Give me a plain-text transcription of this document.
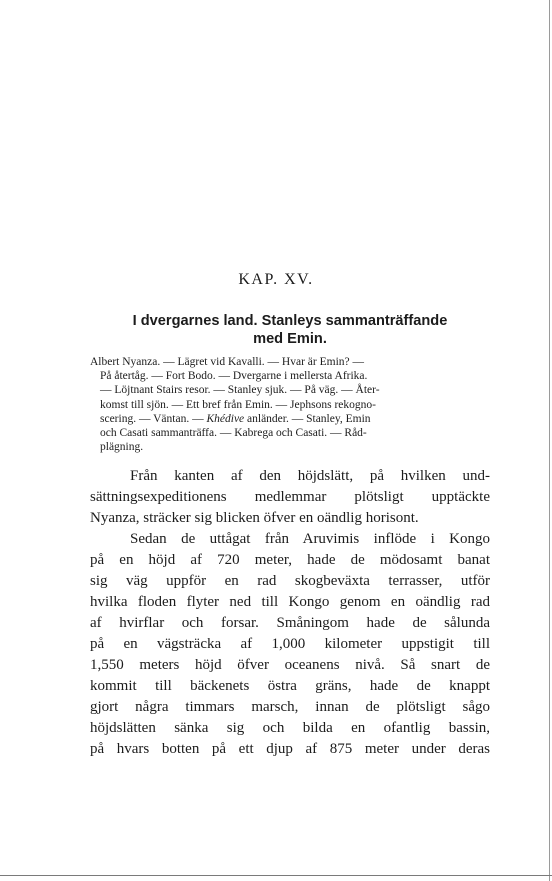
KAP. XV.
I dvergarnes land. Stanleys sammanträffande
med Emin.
Albert Nyanza. — Lägret vid Kavalli. — Hvar är Emin? —
På återtåg. — Fort Bodo. — Dvergarne i mellersta Afrika.
— Löjtnant Stairs resor. — Stanley sjuk. — På väg. — Åter-
komst till sjön. — Ett bref från Emin. — Jephsons rekogno-
scering. — Väntan. — Khédive anländer. — Stanley, Emin
och Casati sammanträffa. — Kabrega och Casati. — Råd-
plägning.
Från kanten af den höjdslätt, på hvilken und-
sättningsexpeditionens medlemmar plötsligt upptäckte
Nyanza, sträcker sig blicken öfver en oändlig horisont.
Sedan de uttågat från Aruvimis inflöde i Kongo
på en höjd af 720 meter, hade de mödosamt banat
sig väg uppför en rad skogbeväxta terrasser, utför
hvilka floden flyter ned till Kongo genom en oändlig rad
af hvirflar och forsar. Småningom hade de sålunda
på en vägsträcka af 1,000 kilometer uppstigit till
1,550 meters höjd öfver oceanens nivå. Så snart de
kommit till bäckenets östra gräns, hade de knappt
gjort några timmars marsch, innan de plötsligt sågo
höjdslätten sänka sig och bilda en ofantlig bassin,
på hvars botten på ett djup af 875 meter under deras
